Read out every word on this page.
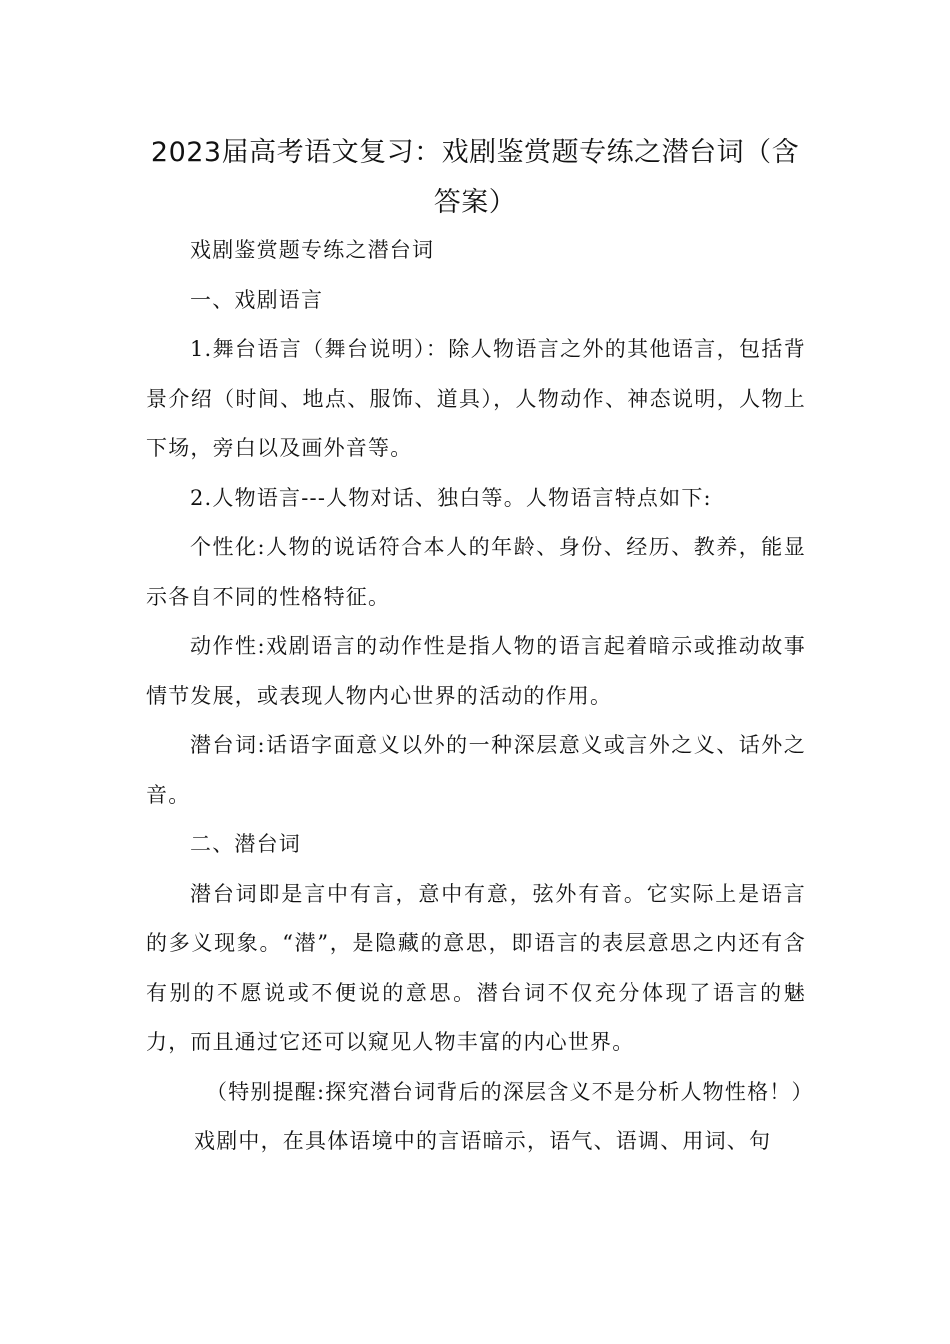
2023届高考语文复习：戏剧鉴赏题专练之潜台词（含答案）

戏剧鉴赏题专练之潜台词

一、戏剧语言

1.舞台语言（舞台说明）：除人物语言之外的其他语言，包括背景介绍（时间、地点、服饰、道具），人物动作、神态说明，人物上下场，旁白以及画外音等。

2.人物语言---人物对话、独白等。人物语言特点如下:

个性化:人物的说话符合本人的年龄、身份、经历、教养，能显示各自不同的性格特征。

动作性:戏剧语言的动作性是指人物的语言起着暗示或推动故事情节发展，或表现人物内心世界的活动的作用。

潜台词:话语字面意义以外的一种深层意义或言外之义、话外之音。

二、潜台词

潜台词即是言中有言，意中有意，弦外有音。它实际上是语言的多义现象。“潜”，是隐藏的意思，即语言的表层意思之内还有含有别的不愿说或不便说的意思。潜台词不仅充分体现了语言的魅力，而且通过它还可以窥见人物丰富的内心世界。

（特别提醒:探究潜台词背后的深层含义不是分析人物性格！）

戏剧中，在具体语境中的言语暗示，语气、语调、用词、句
